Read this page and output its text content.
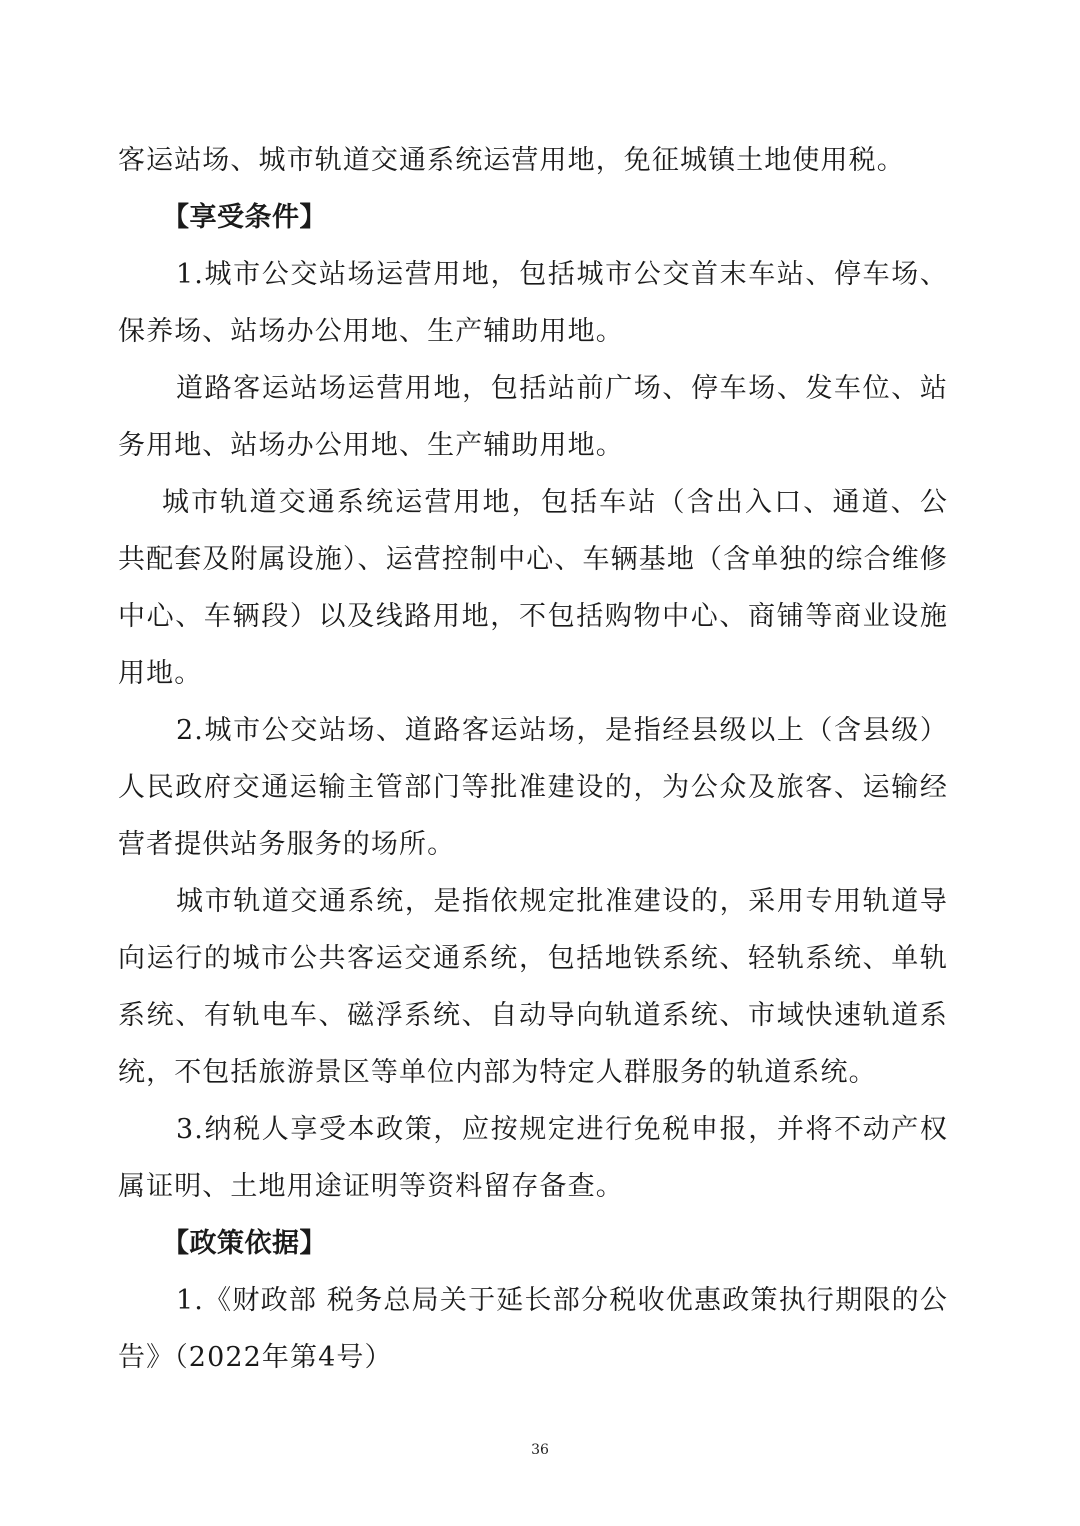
客运站场、城市轨道交通系统运营用地，免征城镇土地使用税。

【享受条件】

1.城市公交站场运营用地，包括城市公交首末车站、停车场、保养场、站场办公用地、生产辅助用地。

道路客运站场运营用地，包括站前广场、停车场、发车位、站务用地、站场办公用地、生产辅助用地。

城市轨道交通系统运营用地，包括车站（含出入口、通道、公共配套及附属设施）、运营控制中心、车辆基地（含单独的综合维修中心、车辆段）以及线路用地，不包括购物中心、商铺等商业设施用地。

2.城市公交站场、道路客运站场，是指经县级以上（含县级）人民政府交通运输主管部门等批准建设的，为公众及旅客、运输经营者提供站务服务的场所。

城市轨道交通系统，是指依规定批准建设的，采用专用轨道导向运行的城市公共客运交通系统，包括地铁系统、轻轨系统、单轨系统、有轨电车、磁浮系统、自动导向轨道系统、市域快速轨道系统，不包括旅游景区等单位内部为特定人群服务的轨道系统。

3.纳税人享受本政策，应按规定进行免税申报，并将不动产权属证明、土地用途证明等资料留存备查。

【政策依据】

1.《财政部 税务总局关于延长部分税收优惠政策执行期限的公告》（2022年第4号）

36
